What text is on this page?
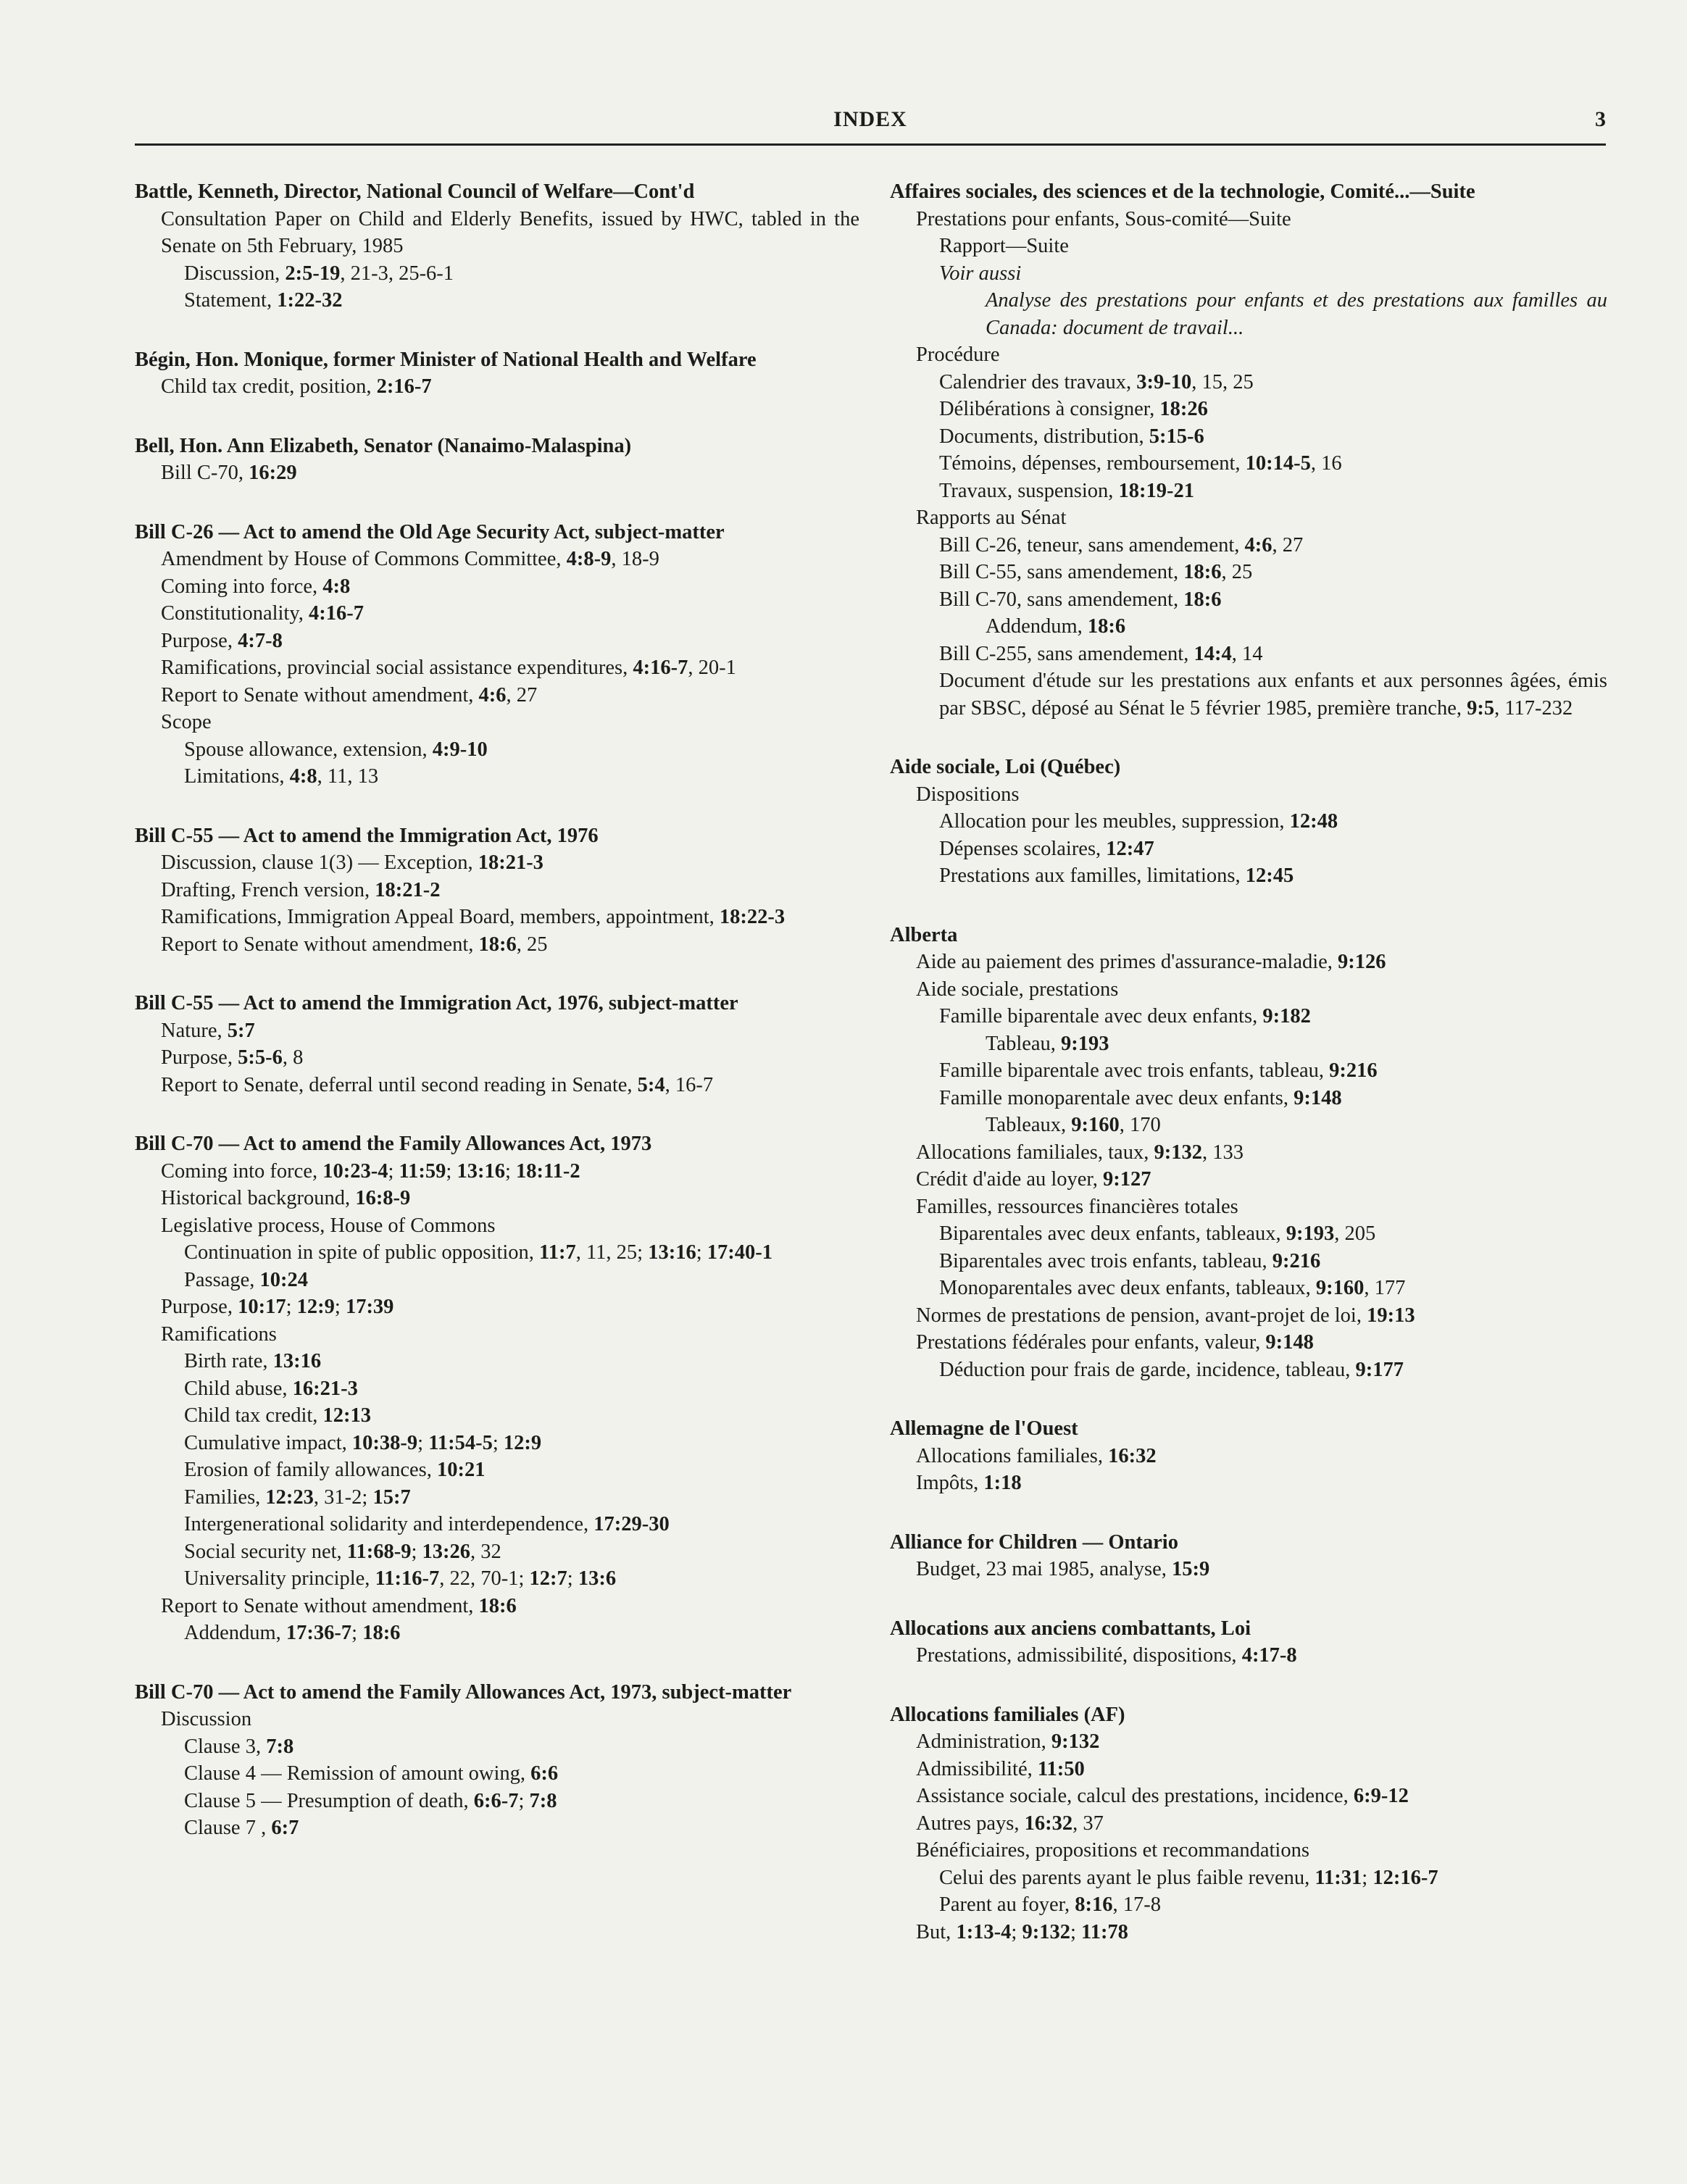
INDEX	3
Battle, Kenneth, Director, National Council of Welfare—Cont'd
Consultation Paper on Child and Elderly Benefits, issued by HWC, tabled in the Senate on 5th February, 1985
Discussion, 2:5-19, 21-3, 25-6-1
Statement, 1:22-32
Bégin, Hon. Monique, former Minister of National Health and Welfare
Child tax credit, position, 2:16-7
Bell, Hon. Ann Elizabeth, Senator (Nanaimo-Malaspina)
Bill C-70, 16:29
Bill C-26 — Act to amend the Old Age Security Act, subject-matter
Amendment by House of Commons Committee, 4:8-9, 18-9
Coming into force, 4:8
Constitutionality, 4:16-7
Purpose, 4:7-8
Ramifications, provincial social assistance expenditures, 4:16-7, 20-1
Report to Senate without amendment, 4:6, 27
Scope
Spouse allowance, extension, 4:9-10
Limitations, 4:8, 11, 13
Bill C-55 — Act to amend the Immigration Act, 1976
Discussion, clause 1(3) — Exception, 18:21-3
Drafting, French version, 18:21-2
Ramifications, Immigration Appeal Board, members, appointment, 18:22-3
Report to Senate without amendment, 18:6, 25
Bill C-55 — Act to amend the Immigration Act, 1976, subject-matter
Nature, 5:7
Purpose, 5:5-6, 8
Report to Senate, deferral until second reading in Senate, 5:4, 16-7
Bill C-70 — Act to amend the Family Allowances Act, 1973
Coming into force, 10:23-4; 11:59; 13:16; 18:11-2
Historical background, 16:8-9
Legislative process, House of Commons
Continuation in spite of public opposition, 11:7, 11, 25; 13:16; 17:40-1
Passage, 10:24
Purpose, 10:17; 12:9; 17:39
Ramifications
Birth rate, 13:16
Child abuse, 16:21-3
Child tax credit, 12:13
Cumulative impact, 10:38-9; 11:54-5; 12:9
Erosion of family allowances, 10:21
Families, 12:23, 31-2; 15:7
Intergenerational solidarity and interdependence, 17:29-30
Social security net, 11:68-9; 13:26, 32
Universality principle, 11:16-7, 22, 70-1; 12:7; 13:6
Report to Senate without amendment, 18:6
Addendum, 17:36-7; 18:6
Bill C-70 — Act to amend the Family Allowances Act, 1973, subject-matter
Discussion
Clause 3, 7:8
Clause 4 — Remission of amount owing, 6:6
Clause 5 — Presumption of death, 6:6-7; 7:8
Clause 7 , 6:7
Affaires sociales, des sciences et de la technologie, Comité...—Suite
Prestations pour enfants, Sous-comité—Suite
Rapport—Suite
Voir aussi
Analyse des prestations pour enfants et des prestations aux familles au Canada: document de travail...
Procédure
Calendrier des travaux, 3:9-10, 15, 25
Délibérations à consigner, 18:26
Documents, distribution, 5:15-6
Témoins, dépenses, remboursement, 10:14-5, 16
Travaux, suspension, 18:19-21
Rapports au Sénat
Bill C-26, teneur, sans amendement, 4:6, 27
Bill C-55, sans amendement, 18:6, 25
Bill C-70, sans amendement, 18:6
Addendum, 18:6
Bill C-255, sans amendement, 14:4, 14
Document d'étude sur les prestations aux enfants et aux personnes âgées, émis par SBSC, déposé au Sénat le 5 février 1985, première tranche, 9:5, 117-232
Aide sociale, Loi (Québec)
Dispositions
Allocation pour les meubles, suppression, 12:48
Dépenses scolaires, 12:47
Prestations aux familles, limitations, 12:45
Alberta
Aide au paiement des primes d'assurance-maladie, 9:126
Aide sociale, prestations
Famille biparentale avec deux enfants, 9:182
Tableau, 9:193
Famille biparentale avec trois enfants, tableau, 9:216
Famille monoparentale avec deux enfants, 9:148
Tableaux, 9:160, 170
Allocations familiales, taux, 9:132, 133
Crédit d'aide au loyer, 9:127
Familles, ressources financières totales
Biparentales avec deux enfants, tableaux, 9:193, 205
Biparentales avec trois enfants, tableau, 9:216
Monoparentales avec deux enfants, tableaux, 9:160, 177
Normes de prestations de pension, avant-projet de loi, 19:13
Prestations fédérales pour enfants, valeur, 9:148
Déduction pour frais de garde, incidence, tableau, 9:177
Allemagne de l'Ouest
Allocations familiales, 16:32
Impôts, 1:18
Alliance for Children — Ontario
Budget, 23 mai 1985, analyse, 15:9
Allocations aux anciens combattants, Loi
Prestations, admissibilité, dispositions, 4:17-8
Allocations familiales (AF)
Administration, 9:132
Admissibilité, 11:50
Assistance sociale, calcul des prestations, incidence, 6:9-12
Autres pays, 16:32, 37
Bénéficiaires, propositions et recommandations
Celui des parents ayant le plus faible revenu, 11:31; 12:16-7
Parent au foyer, 8:16, 17-8
But, 1:13-4; 9:132; 11:78
